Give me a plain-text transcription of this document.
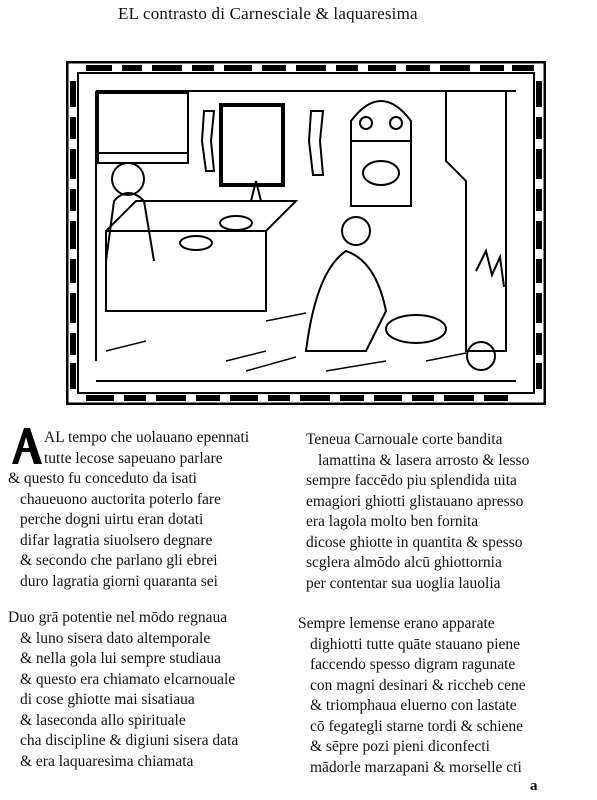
EL contrasto di Carnesciale & laquaresima
AL tempo che uolauano epennati
tutte lecose sapeuano parlare
& questo fu conceduto da isati
chaueuono auctorita poterlo fare
perche dogni uirtu eran dotati
difar lagratia siuolsero degnare
& secondo che parlano gli ebrei
duro lagratia giorni quaranta sei
Duo grā potentie nel mōdo regnaua
& luno sisera dato altemporale
& nella gola lui sempre studiaua
& questo era chiamato elcarnouale
di cose ghiotte mai sisatiaua
& laseconda allo spirituale
cha discipline & digiuni sisera data
& era laquaresima chiamata
Teneua Carnouale corte bandita
lamattina & lasera arrosto & lesso
sempre faccēdo piu splendida uita
emagiori ghiotti glistauano apresso
era lagola molto ben fornita
dicose ghiotte in quantita & spesso
scglera almōdo alcū ghiottornia
per contentar sua uoglia lauolia
Sempre lemense erano apparate
dighiotti tutte quāte stauano piene
faccendo spesso digram ragunate
con magni desinari & riccheb cene
& triomphaua eluerno con lastate
cō fegategli starne tordi & schiene
& sēpre pozi pieni diconfecti
mādorle marzapani & morselle cti
a
